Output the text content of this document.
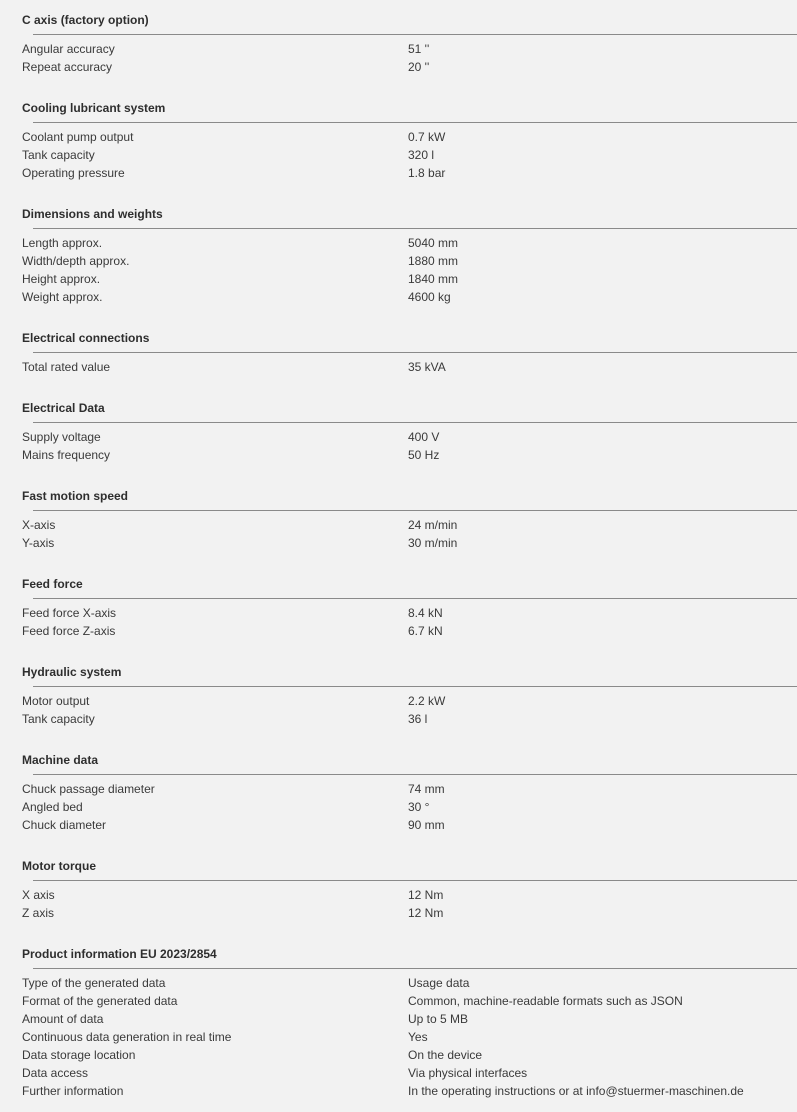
C axis (factory option)
Angular accuracy	51 ''
Repeat accuracy	20 ''
Cooling lubricant system
Coolant pump output	0.7 kW
Tank capacity	320 l
Operating pressure	1.8 bar
Dimensions and weights
Length approx.	5040 mm
Width/depth approx.	1880 mm
Height approx.	1840 mm
Weight approx.	4600 kg
Electrical connections
Total rated value	35 kVA
Electrical Data
Supply voltage	400 V
Mains frequency	50 Hz
Fast motion speed
X-axis	24 m/min
Y-axis	30 m/min
Feed force
Feed force X-axis	8.4 kN
Feed force Z-axis	6.7 kN
Hydraulic system
Motor output	2.2 kW
Tank capacity	36 l
Machine data
Chuck passage diameter	74 mm
Angled bed	30 °
Chuck diameter	90 mm
Motor torque
X axis	12 Nm
Z axis	12 Nm
Product information EU 2023/2854
Type of the generated data	Usage data
Format of the generated data	Common, machine-readable formats such as JSON
Amount of data	Up to 5 MB
Continuous data generation in real time	Yes
Data storage location	On the device
Data access	Via physical interfaces
Further information	In the operating instructions or at info@stuermer-maschinen.de
